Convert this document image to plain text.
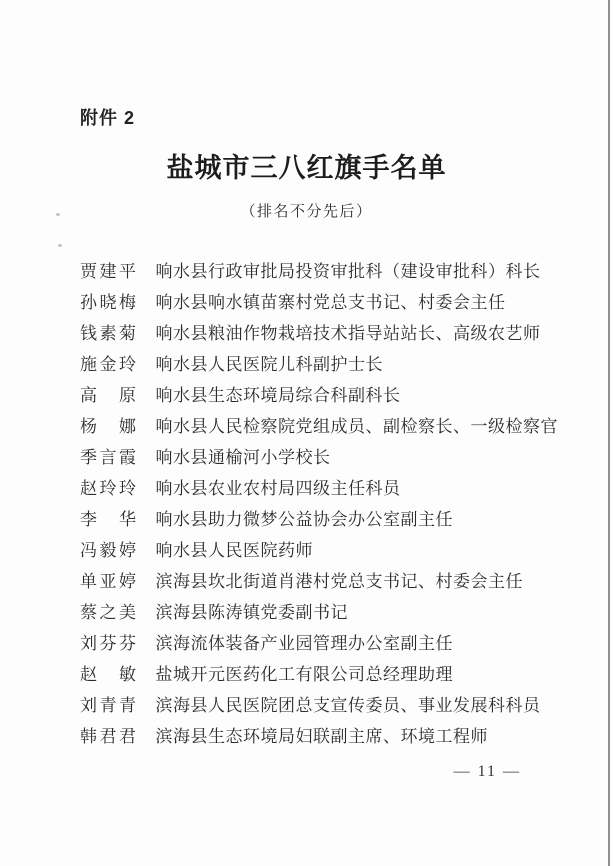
附件 2
盐城市三八红旗手名单
（排名不分先后）
贾建平 响水县行政审批局投资审批科（建设审批科）科长
孙晓梅 响水县响水镇苗寨村党总支书记、村委会主任
钱素菊 响水县粮油作物栽培技术指导站站长、高级农艺师
施金玲 响水县人民医院儿科副护士长
高　原 响水县生态环境局综合科副科长
杨　娜 响水县人民检察院党组成员、副检察长、一级检察官
季言霞 响水县通榆河小学校长
赵玲玲 响水县农业农村局四级主任科员
李　华 响水县助力微梦公益协会办公室副主任
冯毅婷 响水县人民医院药师
单亚婷 滨海县坎北街道肖港村党总支书记、村委会主任
蔡之美 滨海县陈涛镇党委副书记
刘芬芬 滨海流体装备产业园管理办公室副主任
赵　敏 盐城开元医药化工有限公司总经理助理
刘青青 滨海县人民医院团总支宣传委员、事业发展科科员
韩君君 滨海县生态环境局妇联副主席、环境工程师
— 11 —
